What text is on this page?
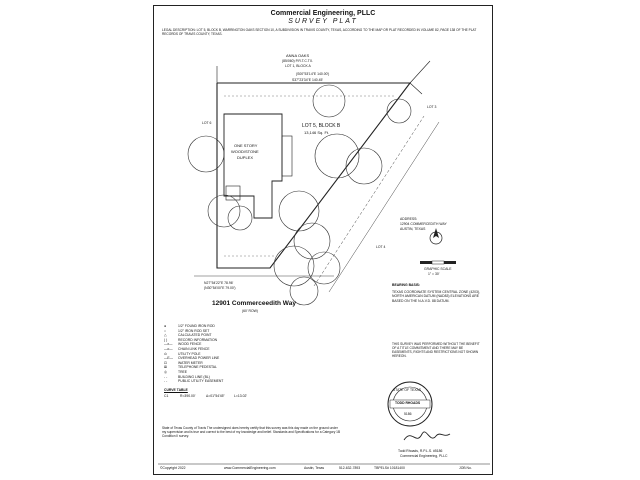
Commercial Engineering, PLLC
SURVEY PLAT
LEGAL DESCRIPTION: LOT 5, BLOCK B, WARRINGTON OAKS SECTION 10, A SUBDIVISION IN TRAVIS COUNTY, TEXAS, ACCORDING TO THE MAP OR PLAT RECORDED IN VOLUME 82, PAGE 138 OF THE PLAT RECORDS OF TRAVIS COUNTY, TEXAS.
ANNA OAKS
(85/060) P.R.T.C.TX.
LOT 1, BLOCK A
(S00°53'14"E 140.00')
S37°23'34"E 140.45'
LOT 5, BLOCK B
13,146 Sq. Ft.
ONE STORY
WOOD/STONE
DUPLEX
LOT 6
LOT 3
LOT 4
N27°54'22"E 78.96'
(N30°54'00"E 79.00')
12901 Commerceedith Way
(60' ROW)
ADDRESS:
12904 COMMERCEDITH WAY
AUSTIN, TEXAS
GRAPHIC SCALE
1" = 30'
BEARING BASIS:
TEXAS COORDINATE SYSTEM CENTRAL ZONE (4203), NORTH AMERICAN DATUM (NAD83) ELEVATIONS ARE BASED ON THE N.A.V.D. 88 DATUM.
THIS SURVEY WAS PERFORMED WITHOUT THE BENEFIT OF A TITLE COMMITMENT AND THERE MAY BE EASEMENTS, RIGHTS AND RESTRICTIONS NOT SHOWN HEREON.
●	1/2" FOUND IRON ROD
○	1/2" IRON ROD SET
△	CALCULATED POINT
( )	RECORD INFORMATION
—x— WOOD FENCE
—o— CHAIN LINK FENCE
⊙	UTILITY POLE
—E— OVERHEAD POWER LINE
⊡	WATER METER
⊠	TELEPHONE PEDESTAL
◎	TREE
- -	BUILDING LINE (BL)
- -	PUBLIC UTILITY EASEMENT
CURVE TABLE
C1	R=390.00'	Δ=01°54'45"	L=13.02'
State of Texas County of Travis The undersigned does hereby certify that this survey was this day made on the ground under my supervision and is true and correct to the best of my knowledge and belief. Standards and Specifications for a Category 1B Condition II survey.
STATE OF TEXAS
TODD RHOADS
5186
Todd Rhoads, R.P.L.S. #5186
Commercial Engineering, PLLC
©Copyright 2022	www.CommercialEngineering.com	Austin, Texas	512-632-7893	TBPELS# 10181400	JOB No.
